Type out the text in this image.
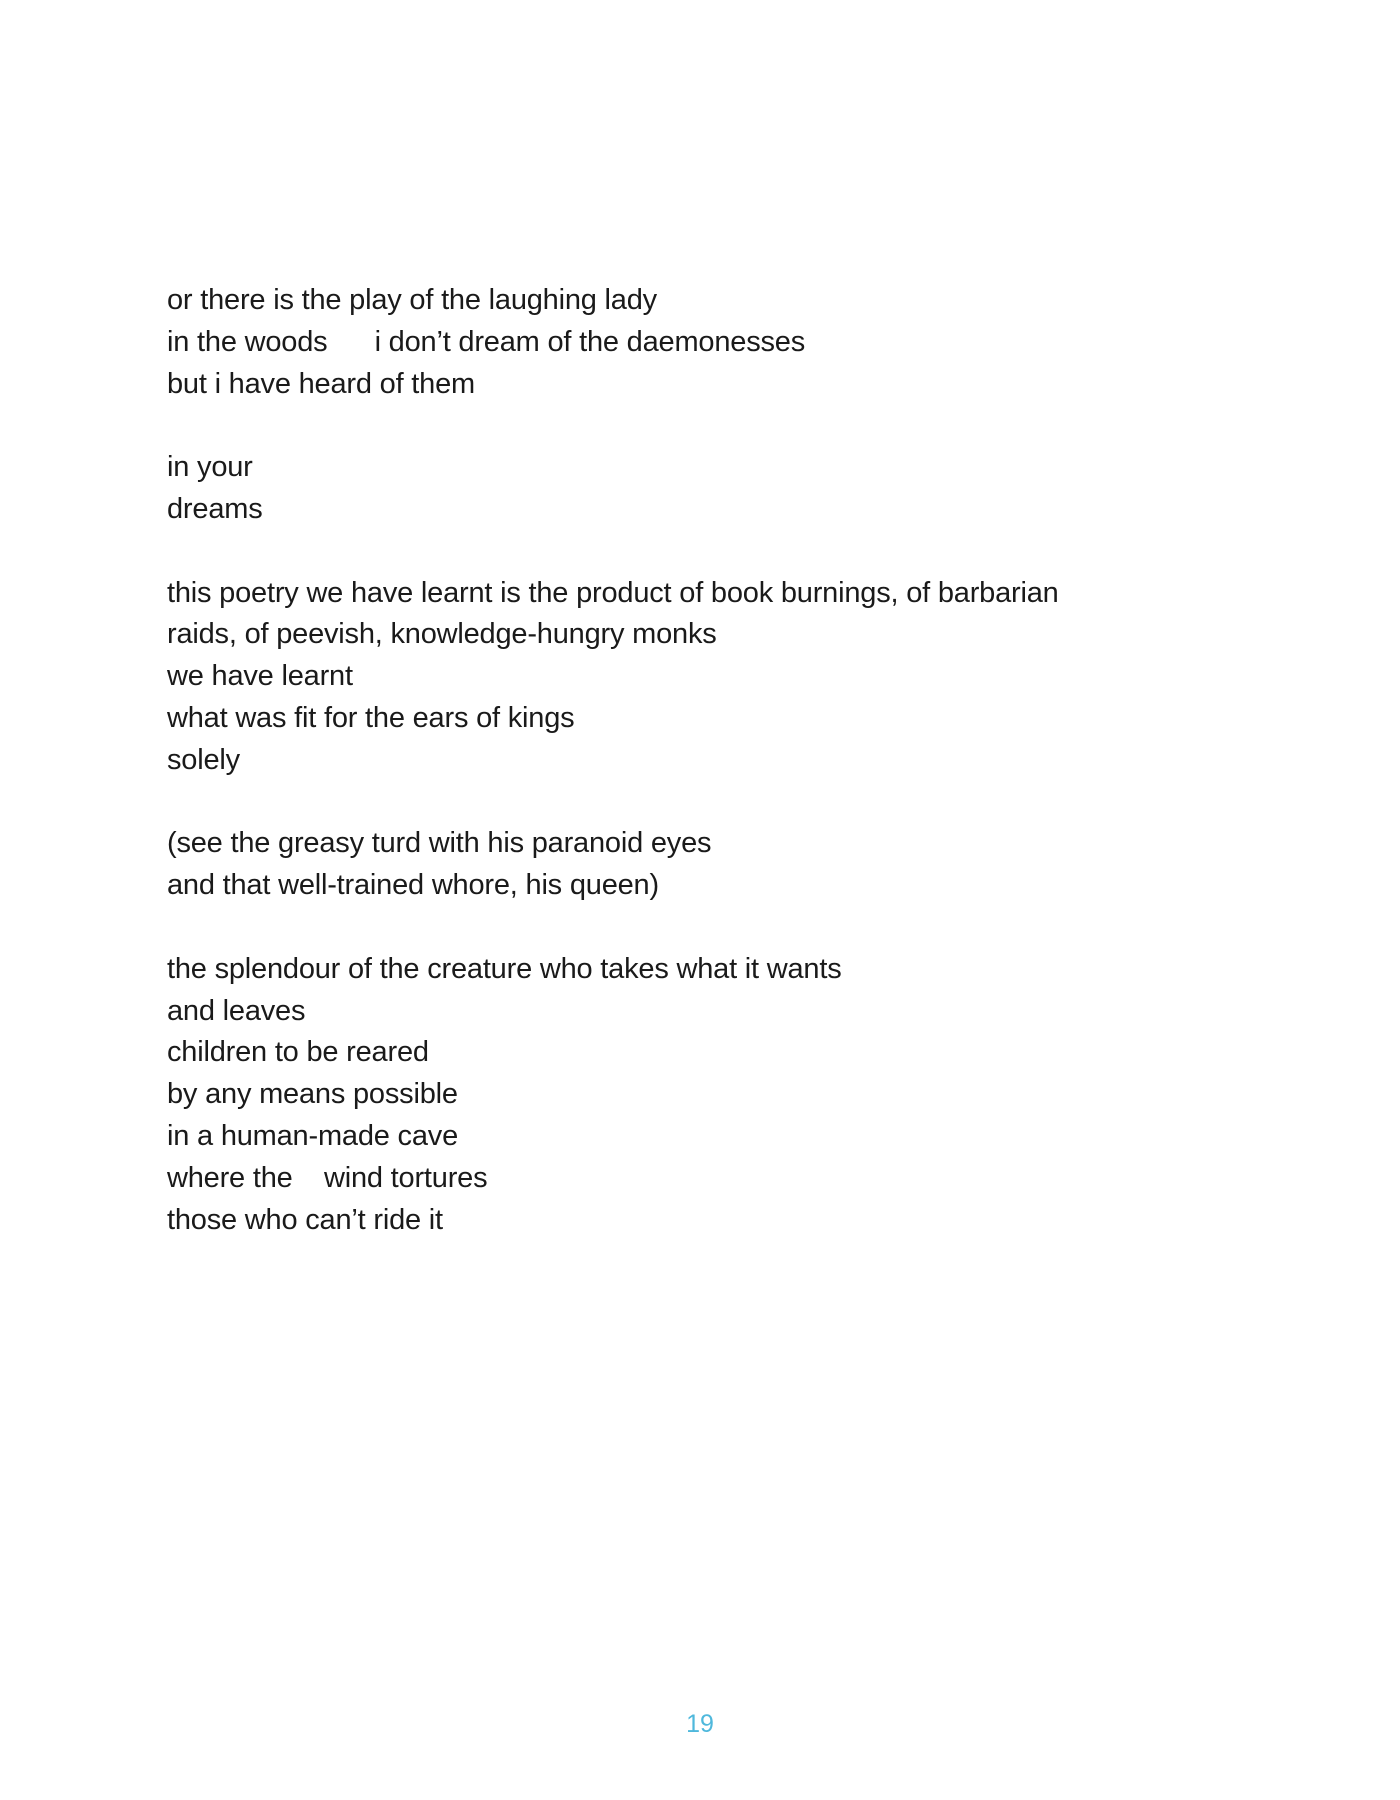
or there is the play of the laughing lady
in the woods      i don’t dream of the daemonesses
but i have heard of them
in your
dreams
this poetry we have learnt is the product of book burnings, of barbarian
raids, of peevish, knowledge-hungry monks
we have learnt
what was fit for the ears of kings
solely
(see the greasy turd with his paranoid eyes
and that well-trained whore, his queen)
the splendour of the creature who takes what it wants
and leaves
children to be reared
by any means possible
in a human-made cave
where the    wind tortures
those who can’t ride it
19
